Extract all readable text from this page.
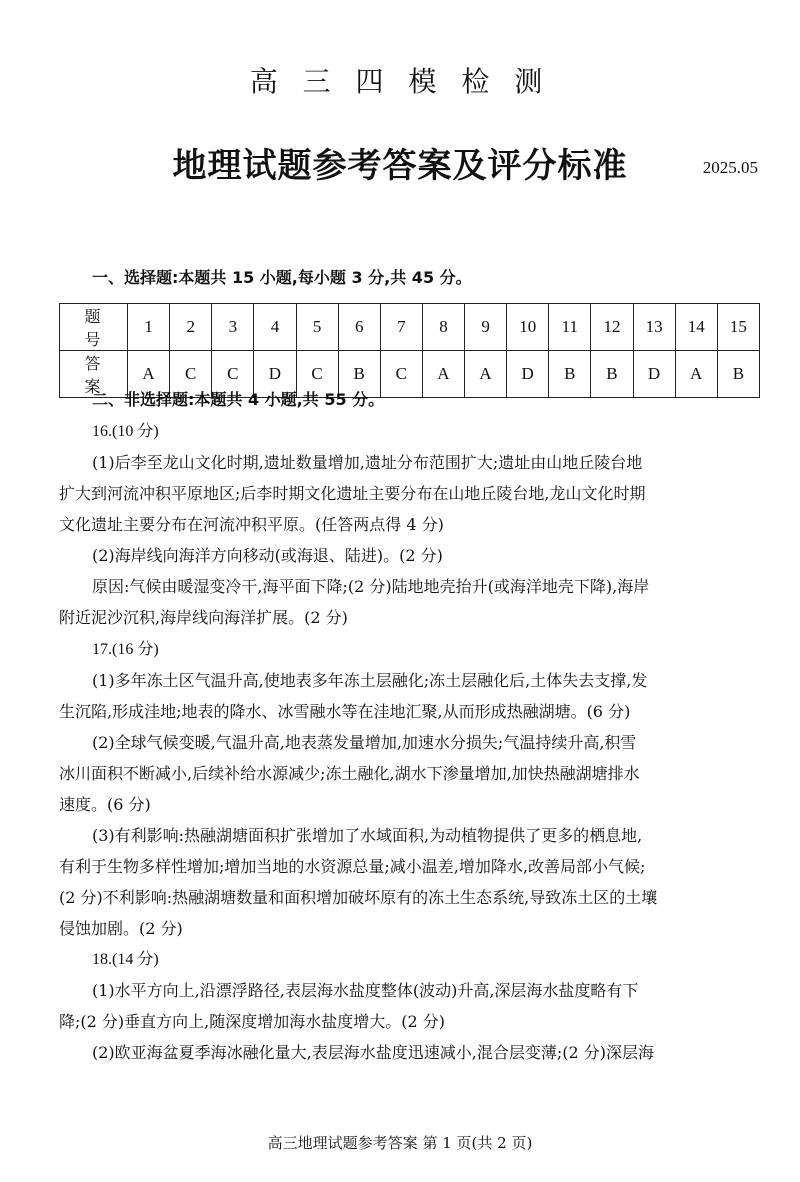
高 三 四 模 检 测
地理试题参考答案及评分标准	2025.05
一、选择题:本题共 15 小题,每小题 3 分,共 45 分。
题 号	1	2	3	4	5	6	7	8	9	10	11	12	13	14	15
答 案	A	C	C	D	C	B	C	A	A	D	B	B	D	A	B
二、非选择题:本题共 4 小题,共 55 分。
16.(10 分)
(1)后李至龙山文化时期,遗址数量增加,遗址分布范围扩大;遗址由山地丘陵台地
扩大到河流冲积平原地区;后李时期文化遗址主要分布在山地丘陵台地,龙山文化时期
文化遗址主要分布在河流冲积平原。(任答两点得 4 分)
(2)海岸线向海洋方向移动(或海退、陆进)。(2 分)
原因:气候由暖湿变冷干,海平面下降;(2 分)陆地地壳抬升(或海洋地壳下降),海岸
附近泥沙沉积,海岸线向海洋扩展。(2 分)
17.(16 分)
(1)多年冻土区气温升高,使地表多年冻土层融化;冻土层融化后,土体失去支撑,发
生沉陷,形成洼地;地表的降水、冰雪融水等在洼地汇聚,从而形成热融湖塘。(6 分)
(2)全球气候变暖,气温升高,地表蒸发量增加,加速水分损失;气温持续升高,积雪
冰川面积不断减小,后续补给水源减少;冻土融化,湖水下渗量增加,加快热融湖塘排水
速度。(6 分)
(3)有利影响:热融湖塘面积扩张增加了水域面积,为动植物提供了更多的栖息地,
有利于生物多样性增加;增加当地的水资源总量;减小温差,增加降水,改善局部小气候;
(2 分)不利影响:热融湖塘数量和面积增加破坏原有的冻土生态系统,导致冻土区的土壤
侵蚀加剧。(2 分)
18.(14 分)
(1)水平方向上,沿漂浮路径,表层海水盐度整体(波动)升高,深层海水盐度略有下
降;(2 分)垂直方向上,随深度增加海水盐度增大。(2 分)
(2)欧亚海盆夏季海冰融化量大,表层海水盐度迅速减小,混合层变薄;(2 分)深层海
高三地理试题参考答案 第 1 页(共 2 页)
